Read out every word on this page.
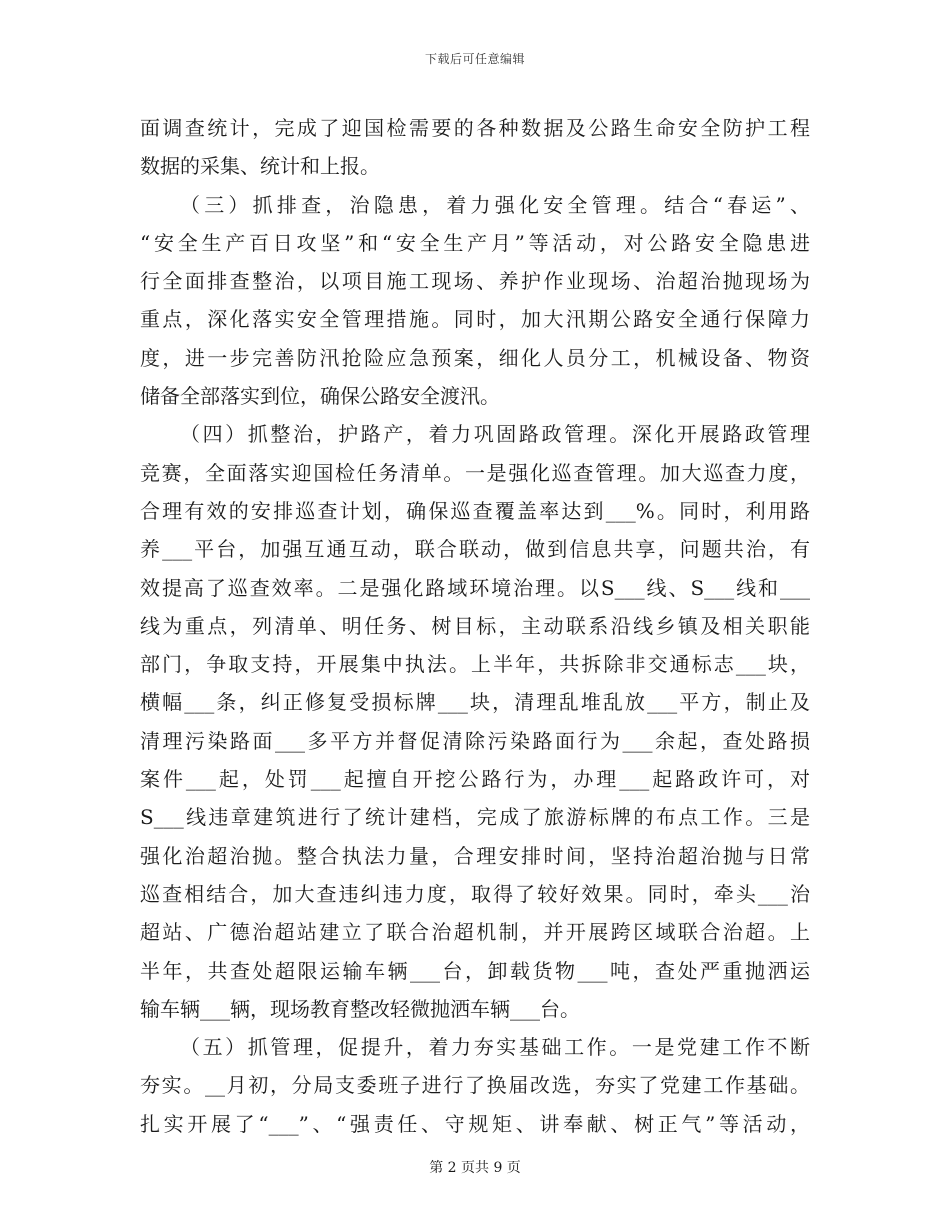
下载后可任意编辑
面调查统计，完成了迎国检需要的各种数据及公路生命安全防护工程
数据的采集、统计和上报。
（三）抓排查，治隐患，着力强化安全管理。结合“春运”、
“安全生产百日攻坚”和“安全生产月”等活动，对公路安全隐患进
行全面排查整治，以项目施工现场、养护作业现场、治超治抛现场为
重点，深化落实安全管理措施。同时，加大汛期公路安全通行保障力
度，进一步完善防汛抢险应急预案，细化人员分工，机械设备、物资
储备全部落实到位，确保公路安全渡汛。
（四）抓整治，护路产，着力巩固路政管理。深化开展路政管理
竞赛，全面落实迎国检任务清单。一是强化巡查管理。加大巡查力度，
合理有效的安排巡查计划，确保巡查覆盖率达到___%。同时，利用路
养___平台，加强互通互动，联合联动，做到信息共享，问题共治，有
效提高了巡查效率。二是强化路域环境治理。以S___线、S___线和___
线为重点，列清单、明任务、树目标，主动联系沿线乡镇及相关职能
部门，争取支持，开展集中执法。上半年，共拆除非交通标志___块，
横幅___条，纠正修复受损标牌___块，清理乱堆乱放___平方，制止及
清理污染路面___多平方并督促清除污染路面行为___余起，查处路损
案件___起，处罚___起擅自开挖公路行为，办理___起路政许可，对
S___线违章建筑进行了统计建档，完成了旅游标牌的布点工作。三是
强化治超治抛。整合执法力量，合理安排时间，坚持治超治抛与日常
巡查相结合，加大查违纠违力度，取得了较好效果。同时，牵头___治
超站、广德治超站建立了联合治超机制，并开展跨区域联合治超。上
半年，共查处超限运输车辆___台，卸载货物___吨，查处严重抛洒运
输车辆___辆，现场教育整改轻微抛洒车辆___台。
（五）抓管理，促提升，着力夯实基础工作。一是党建工作不断
夯实。__月初，分局支委班子进行了换届改选，夯实了党建工作基础。
扎实开展了“___”、“强责任、守规矩、讲奉献、树正气”等活动，
第 2 页共 9 页
